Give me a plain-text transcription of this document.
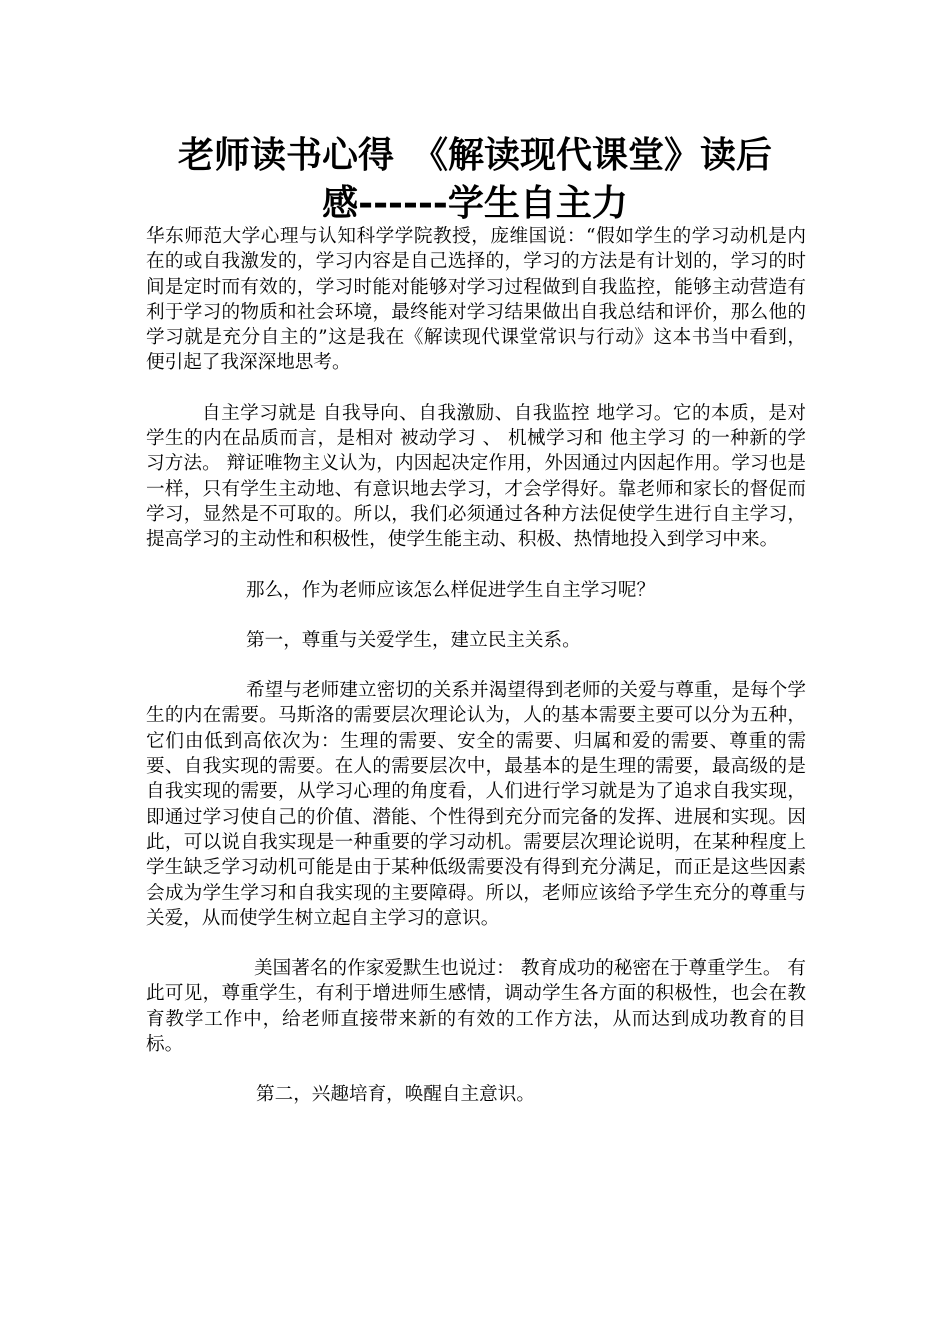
老师读书心得　《解读现代课堂》读后
感------学生自主力

华东师范大学心理与认知科学学院教授，庞维国说：“假如学生的学习动机是内在的或自我激发的，学习内容是自己选择的，学习的方法是有计划的，学习的时间是定时而有效的，学习时能对能够对学习过程做到自我监控，能够主动营造有利于学习的物质和社会环境，最终能对学习结果做出自我总结和评价，那么他的学习就是充分自主的”这是我在《解读现代课堂常识与行动》这本书当中看到，便引起了我深深地思考。

自主学习就是 自我导向、自我激励、自我监控 地学习。它的本质，是对学生的内在品质而言，是相对 被动学习 、 机械学习和 他主学习 的一种新的学习方法。 辩证唯物主义认为，内因起决定作用，外因通过内因起作用。学习也是一样，只有学生主动地、有意识地去学习，才会学得好。靠老师和家长的督促而学习，显然是不可取的。所以，我们必须通过各种方法促使学生进行自主学习，提高学习的主动性和积极性，使学生能主动、积极、热情地投入到学习中来。

那么，作为老师应该怎么样促进学生自主学习呢？

第一，尊重与关爱学生，建立民主关系。

希望与老师建立密切的关系并渴望得到老师的关爱与尊重，是每个学生的内在需要。马斯洛的需要层次理论认为，人的基本需要主要可以分为五种，它们由低到高依次为：生理的需要、安全的需要、归属和爱的需要、尊重的需要、自我实现的需要。在人的需要层次中，最基本的是生理的需要，最高级的是自我实现的需要，从学习心理的角度看，人们进行学习就是为了追求自我实现，即通过学习使自己的价值、潜能、个性得到充分而完备的发挥、进展和实现。因此，可以说自我实现是一种重要的学习动机。需要层次理论说明，在某种程度上学生缺乏学习动机可能是由于某种低级需要没有得到充分满足，而正是这些因素会成为学生学习和自我实现的主要障碍。所以，老师应该给予学生充分的尊重与关爱，从而使学生树立起自主学习的意识。

美国著名的作家爱默生也说过： 教育成功的秘密在于尊重学生。 有此可见，尊重学生，有利于增进师生感情，调动学生各方面的积极性，也会在教育教学工作中，给老师直接带来新的有效的工作方法，从而达到成功教育的目标。

第二，兴趣培育，唤醒自主意识。
